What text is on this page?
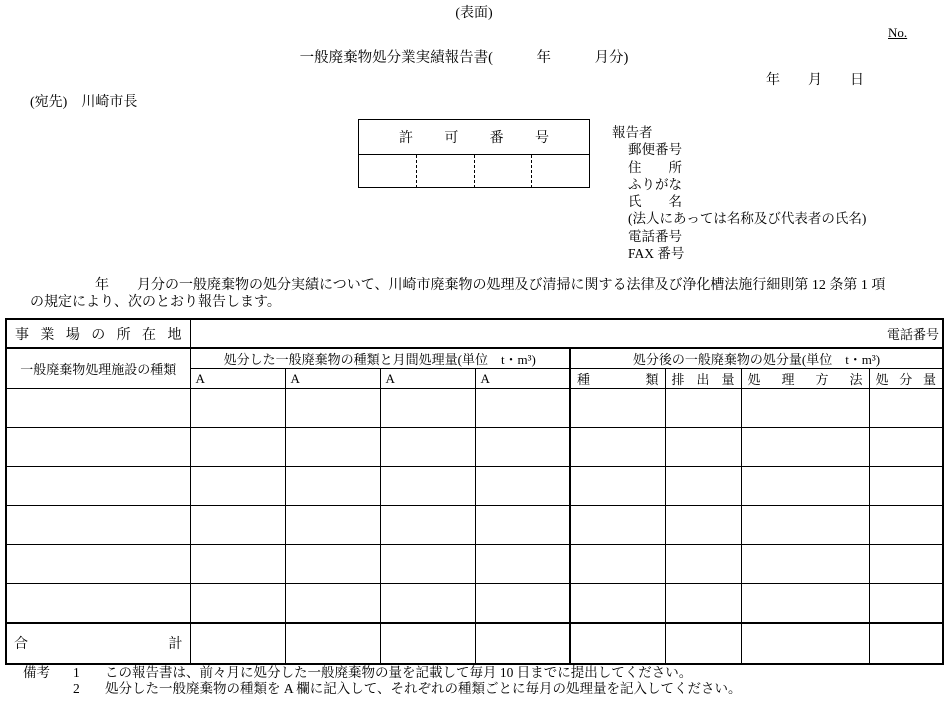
(表面)
No.
一般廃棄物処分業実績報告書(　　　年　　　月分)
年　　月　　日
(宛先)　川崎市長
許 可 番 号	報告者
郵便番号
住　　所
ふりがな
氏　　名
(法人にあっては名称及び代表者の氏名)
電話番号
FAX 番号
年　　月分の一般廃棄物の処分実績について、川崎市廃棄物の処理及び清掃に関する法律及び浄化槽法施行細則第 12 条第 1 項
の規定により、次のとおり報告します。
事 業 場 の 所 在 地	電話番号
一般廃棄物処理施設の種類	処分した一般廃棄物の種類と月間処理量(単位　t・m³)				処分後の一般廃棄物の処分量(単位　t・m³)			
	A	A	A	A	種 類	排 出 量	処 理 方 法	処 分 量

合 計								

備考	1	この報告書は、前々月に処分した一般廃棄物の量を記載して毎月 10 日までに提出してください。
2	処分した一般廃棄物の種類を A 欄に記入して、それぞれの種類ごとに毎月の処理量を記入してください。
